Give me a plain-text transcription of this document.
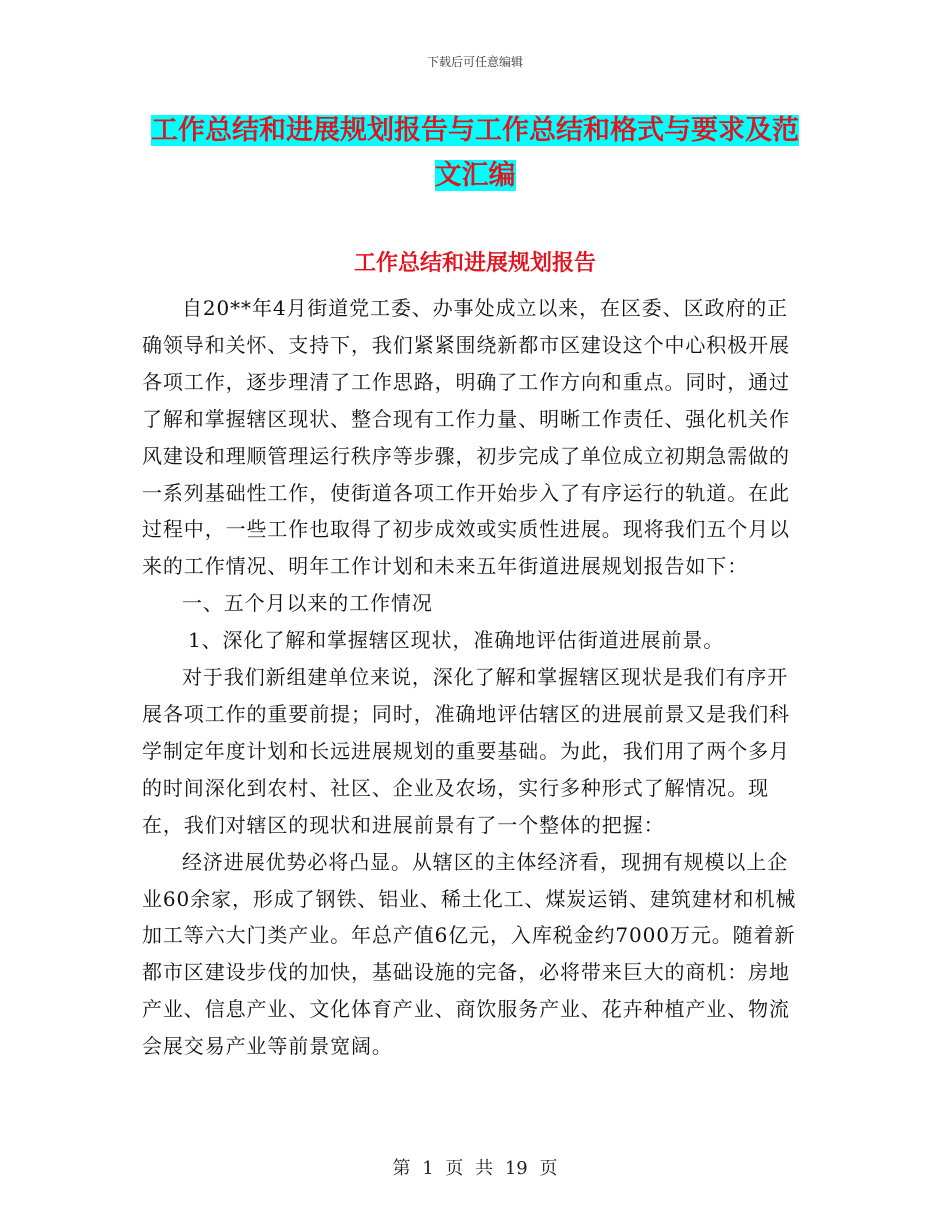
下载后可任意编辑
工作总结和进展规划报告与工作总结和格式与要求及范文汇编
工作总结和进展规划报告

自20**年4月街道党工委、办事处成立以来，在区委、区政府的正确领导和关怀、支持下，我们紧紧围绕新都市区建设这个中心积极开展各项工作，逐步理清了工作思路，明确了工作方向和重点。同时，通过了解和掌握辖区现状、整合现有工作力量、明晰工作责任、强化机关作风建设和理顺管理运行秩序等步骤，初步完成了单位成立初期急需做的一系列基础性工作，使街道各项工作开始步入了有序运行的轨道。在此过程中，一些工作也取得了初步成效或实质性进展。现将我们五个月以来的工作情况、明年工作计划和未来五年街道进展规划报告如下：

一、五个月以来的工作情况

1、深化了解和掌握辖区现状，准确地评估街道进展前景。

对于我们新组建单位来说，深化了解和掌握辖区现状是我们有序开展各项工作的重要前提；同时，准确地评估辖区的进展前景又是我们科学制定年度计划和长远进展规划的重要基础。为此，我们用了两个多月的时间深化到农村、社区、企业及农场，实行多种形式了解情况。现在，我们对辖区的现状和进展前景有了一个整体的把握：

经济进展优势必将凸显。从辖区的主体经济看，现拥有规模以上企业60余家，形成了钢铁、铝业、稀土化工、煤炭运销、建筑建材和机械加工等六大门类产业。年总产值6亿元，入库税金约7000万元。随着新都市区建设步伐的加快，基础设施的完备，必将带来巨大的商机：房地产业、信息产业、文化体育产业、商饮服务产业、花卉种植产业、物流会展交易产业等前景宽阔。

第 1 页 共 19 页
